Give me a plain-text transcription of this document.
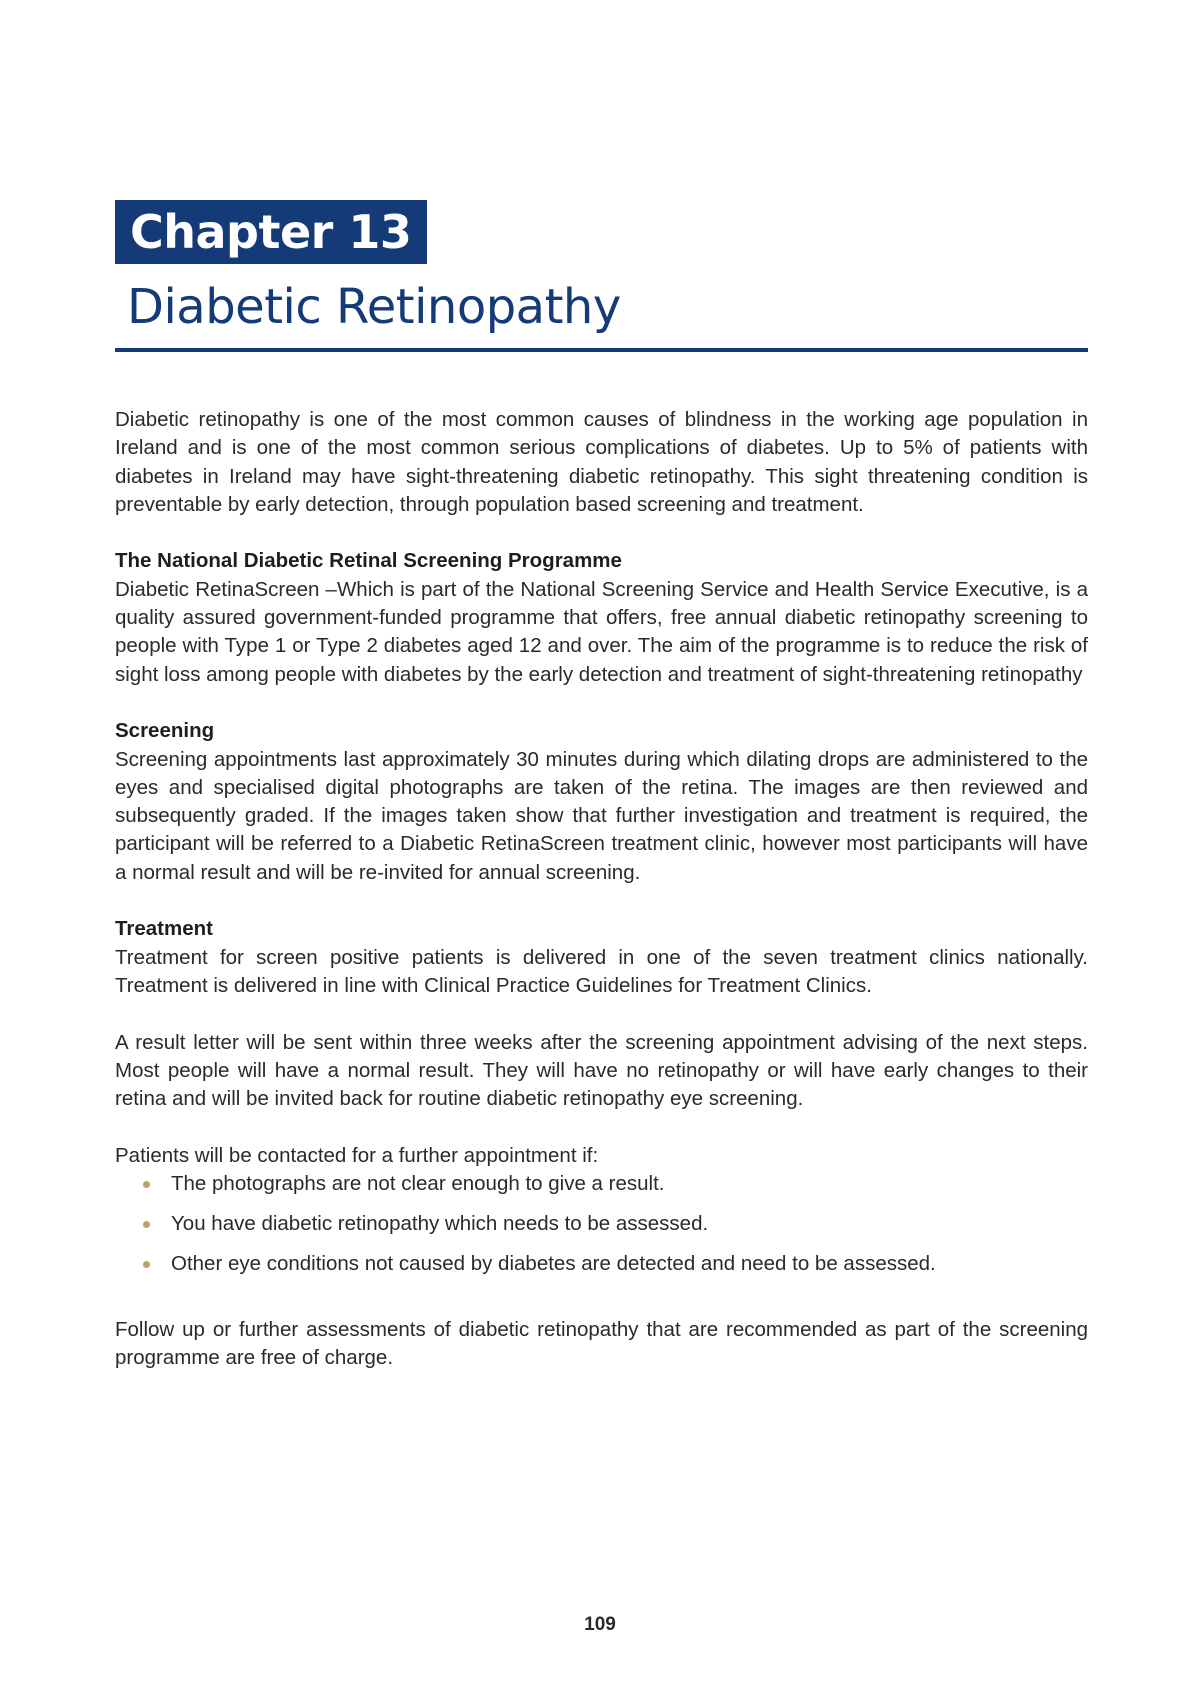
Chapter 13
Diabetic Retinopathy

Diabetic retinopathy is one of the most common causes of blindness in the working age population in Ireland and is one of the most common serious complications of diabetes. Up to 5% of patients with diabetes in Ireland may have sight-threatening diabetic retinopathy. This sight threatening condition is preventable by early detection, through population based screening and treatment.

The National Diabetic Retinal Screening Programme

Diabetic RetinaScreen –Which is part of the National Screening Service and Health Service Executive, is a quality assured government-funded programme that offers, free annual diabetic retinopathy screening to people with Type 1 or Type 2 diabetes aged 12 and over. The aim of the programme is to reduce the risk of sight loss among people with diabetes by the early detection and treatment of sight-threatening retinopathy

Screening

Screening appointments last approximately 30 minutes during which dilating drops are administered to the eyes and specialised digital photographs are taken of the retina. The images are then reviewed and subsequently graded. If the images taken show that further investigation and treatment is required, the participant will be referred to a Diabetic RetinaScreen treatment clinic, however most participants will have a normal result and will be re-invited for annual screening.

Treatment

Treatment for screen positive patients is delivered in one of the seven treatment clinics nationally. Treatment is delivered in line with Clinical Practice Guidelines for Treatment Clinics.

A result letter will be sent within three weeks after the screening appointment advising of the next steps. Most people will have a normal result. They will have no retinopathy or will have early changes to their retina and will be invited back for routine diabetic retinopathy eye screening.

Patients will be contacted for a further appointment if:

The photographs are not clear enough to give a result.
You have diabetic retinopathy which needs to be assessed.
Other eye conditions not caused by diabetes are detected and need to be assessed.

Follow up or further assessments of diabetic retinopathy that are recommended as part of the screening programme are free of charge.

109
